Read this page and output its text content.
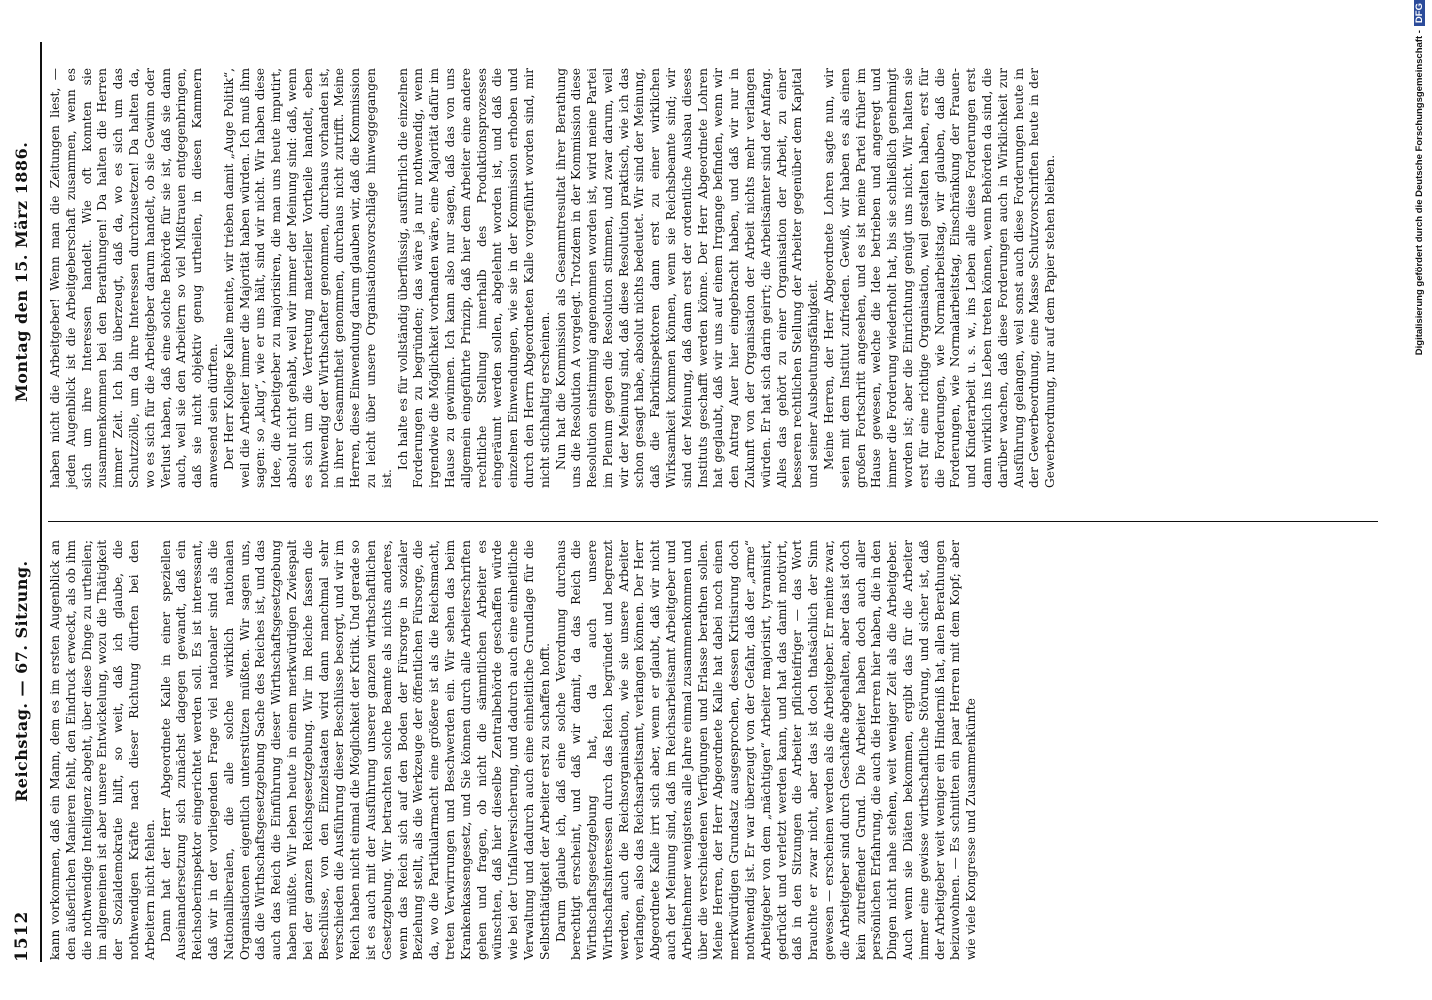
1512
Reichstag. — 67. Sitzung.
Montag den 15. März 1886.

kann vorkommen, daß ein Mann, dem es im ersten Augenblick an den äußerlichen Manieren fehlt, den Eindruck erweckt, als ob ihm die nothwendige Intelligenz abgeht, über diese Dinge zu urtheilen; im allgemeinen ist aber unsere Entwickelung, wozu die Thätigkeit der Sozialdemokratie hilft, so weit, daß ich glaube, die nothwendigen Kräfte nach dieser Richtung dürften bei den Arbeitern nicht fehlen. Dann hat der Herr Abgeordnete Kalle in einer speziellen Auseinandersetzung sich zunächst dagegen gewandt, daß ein Reichsoberinspektor eingerichtet werden soll. Es ist interessant, daß wir in der vorliegenden Frage viel nationaler sind als die Nationalliberalen, die alle solche wirklich nationalen Organisationen eigentlich unterstützen müßten. Wir sagen uns, daß die Wirthschaftsgesetzgebung Sache des Reiches ist, und das auch das Reich die Einführung dieser Wirthschaftsgesetzgebung haben müßte. Wir leben heute in einem merkwürdigen Zwiespalt bei der ganzen Reichsgesetzgebung. Wir im Reiche fassen die Beschlüsse, von den Einzelstaaten wird dann manchmal sehr verschieden die Ausführung dieser Beschlüsse besorgt, und wir im Reich haben nicht einmal die Möglichkeit der Kritik. Und gerade so ist es auch mit der Ausführung unserer ganzen wirthschaftlichen Gesetzgebung. Wir betrachten solche Beamte als nichts anderes, wenn das Reich sich auf den Boden der Fürsorge in sozialer Beziehung stellt, als die Werkzeuge der öffentlichen Fürsorge, die da, wo die Partikularmacht eine größere ist als die Reichsmacht, treten Verwirrungen und Beschwerden ein. Wir sehen das beim Krankenkassengesetz, und Sie können durch alle Arbeiterschriften gehen und fragen, ob nicht die sämmtlichen Arbeiter es wünschten, daß hier dieselbe Zentralbehörde geschaffen würde wie bei der Unfallversicherung, und dadurch auch eine einheitliche Verwaltung und dadurch auch eine einheitliche Grundlage für die Selbstthätigkeit der Arbeiter erst zu schaffen hofft. Darum glaube ich, daß eine solche Verordnung durchaus berechtigt erscheint, und daß wir damit, da das Reich die Wirthschaftsgesetzgebung hat, da auch unsere Wirthschaftsinteressen durch das Reich begründet und begrenzt werden, auch die Reichsorganisation, wie sie unsere Arbeiter verlangen, also das Reichsarbeitsamt, verlangen können. Der Herr Abgeordnete Kalle irrt sich aber, wenn er glaubt, daß wir nicht auch der Meinung sind, daß im Reichsarbeitsamt Arbeitgeber und Arbeitnehmer wenigstens alle Jahre einmal zusammenkommen und über die verschiedenen Verfügungen und Erlasse berathen sollen. Meine Herren, der Herr Abgeordnete Kalle hat dabei noch einen merkwürdigen Grundsatz ausgesprochen, dessen Kritisirung doch nothwendig ist. Er war überzeugt von der Gefahr, daß der „arme“ Arbeitgeber von dem „mächtigen“ Arbeiter majorisirt, tyrannisirt, gedrückt und verletzt werden kann, und hat das damit motivirt, daß in den Sitzungen die Arbeiter pflichteifriger — das Wort brauchte er zwar nicht, aber das ist doch thatsächlich der Sinn gewesen — erscheinen werden als die Arbeitgeber. Er meinte zwar, die Arbeitgeber sind durch Geschäfte abgehalten, aber das ist doch kein zutreffender Grund. Die Arbeiter haben doch auch aller persönlichen Erfahrung, die auch die Herren hier haben, die in den Dingen nicht nahe stehen, weit weniger Zeit als die Arbeitgeber. Auch wenn sie Diäten bekommen, ergibt das für die Arbeiter immer eine gewisse wirthschaftliche Störung, und sicher ist, daß der Arbeitgeber weit weniger ein Hinderniß hat, allen Berathungen beizuwohnen. — Es schnitten ein paar Herren mit dem Kopf; aber wie viele Kongresse und Zusammenkünfte

haben nicht die Arbeitgeber! Wenn man die Zeitungen liest, — jeden Augenblick ist die Arbeitgeberschaft zusammen, wenn es sich um ihre Interessen handelt. Wie oft konnten sie zusammenkommen bei den Berathungen! Da halten die Herren immer Zeit. Ich bin überzeugt, daß da, wo es sich um das Schutzzölle, um da ihre Interessen durchzusetzen! Da halten da, wo es sich für die Arbeitgeber darum handelt, ob sie Gewinn oder Verlust haben, daß eine solche Behörde für sie ist, daß sie dann auch, weil sie den Arbeitern so viel Mißtrauen entgegenbringen, daß sie nicht objektiv genug urtheilen, in diesen Kammern anwesend sein dürften. Der Herr Kollege Kalle meinte, wir trieben damit „Auge Politik“, weil die Arbeiter immer die Majorität haben würden. Ich muß ihm sagen: so „klug“, wie er uns hält, sind wir nicht. Wir haben diese Idee, die Arbeitgeber zu majorisiren, die man uns heute imputirt, absolut nicht gehabt, weil wir immer der Meinung sind: daß, wenn es sich um die Vertretung materieller Vortheile handelt, eben nothwendig der Wirthschafter genommen, durchaus vorhanden ist, in ihrer Gesammtheit genommen, durchaus nicht zutrifft. Meine Herren, diese Einwendung darum glauben wir, daß die Kommission zu leicht über unsere Organisationsvorschläge hinweggegangen ist.

Ich halte es für vollständig überflüssig, ausführlich die einzelnen Forderungen zu begründen; das wäre ja nur nothwendig, wenn irgendwie die Möglichkeit vorhanden wäre, eine Majorität dafür im Hause zu gewinnen. Ich kann also nur sagen, daß das von uns allgemein eingeführte Prinzip, daß hier dem Arbeiter eine andere rechtliche Stellung innerhalb des Produktionsprozesses eingeräumt werden sollen, abgelehnt worden ist, und daß die einzelnen Einwendungen, wie sie in der Kommission erhoben und durch den Herrn Abgeordneten Kalle vorgeführt worden sind, mir nicht stichhaltig erscheinen. Nun hat die Kommission als Gesammtresultat ihrer Berathung uns die Resolution A vorgelegt. Trotzdem in der Kommission diese Resolution einstimmig angenommen worden ist, wird meine Partei im Plenum gegen die Resolution stimmen, und zwar darum, weil wir der Meinung sind, daß diese Resolution praktisch, wie ich das schon gesagt habe, absolut nichts bedeutet. Wir sind der Meinung, daß die Fabrikinspektoren dann erst zu einer wirklichen Wirksamkeit kommen können, wenn sie Reichsbeamte sind; wir sind der Meinung, daß dann erst der ordentliche Ausbau dieses Instituts geschafft werden könne. Der Herr Abgeordnete Lohren hat geglaubt, daß wir uns auf einem Irrgange befinden, wenn wir den Antrag Auer hier eingebracht haben, und daß wir nur in Zukunft von der Organisation der Arbeit nichts mehr verlangen würden. Er hat sich darin geirrt; die Arbeitsämter sind der Anfang. Alles das gehört zu einer Organisation der Arbeit, zu einer besseren rechtlichen Stellung der Arbeiter gegenüber dem Kapital und seiner Ausbeutungsfähigkeit. Meine Herren, der Herr Abgeordnete Lohren sagte nun, wir seien mit dem Institut zufrieden. Gewiß, wir haben es als einen großen Fortschritt angesehen, und es ist meine Partei früher im Hause gewesen, welche die Idee betrieben und angeregt und immer die Forderung wiederholt hat, bis sie schließlich genehmigt worden ist; aber die Einrichtung genügt uns nicht. Wir halten sie erst für eine richtige Organisation, weil gestalten haben, erst für die Forderungen, wie Normalarbeitstag, wir glauben, daß die Forderungen, wie Normalarbeitstag, Einschränkung der Frauen- und Kinderarbeit u. s. w., ins Leben alle diese Forderungen erst dann wirklich ins Leben treten können, wenn Behörden da sind, die darüber wachen, daß diese Forderungen auch in Wirklichkeit zur Ausführung gelangen, weil sonst auch diese Forderungen heute in der Gewerbeordnung, eine Masse Schutzvorschriften heute in der Gewerbeordnung, nur auf dem Papier stehen bleiben.	Digitalisierung gefördert durch die Deutsche Forschungsgemeinschaft -DFG
